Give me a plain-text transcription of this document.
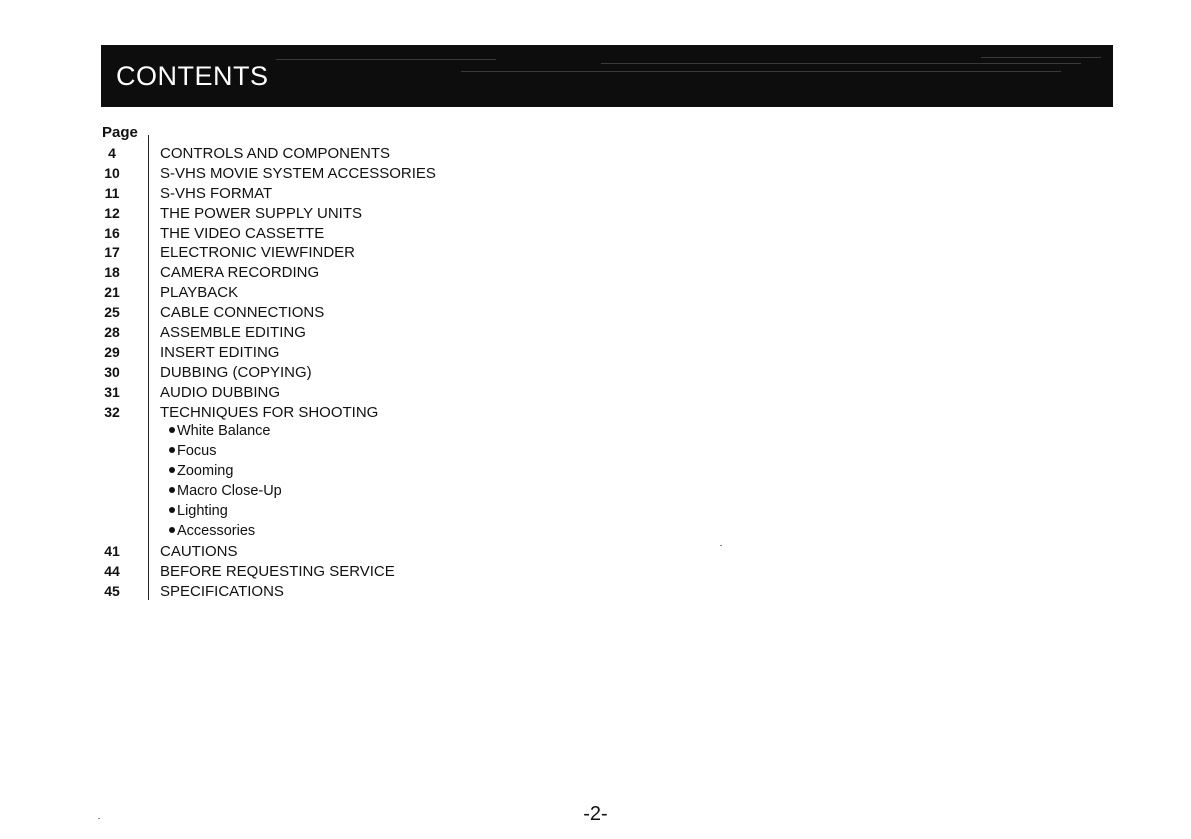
CONTENTS
Page
4	CONTROLS AND COMPONENTS
10	S-VHS MOVIE SYSTEM ACCESSORIES
11	S-VHS FORMAT
12	THE POWER SUPPLY UNITS
16	THE VIDEO CASSETTE
17	ELECTRONIC VIEWFINDER
18	CAMERA RECORDING
21	PLAYBACK
25	CABLE CONNECTIONS
28	ASSEMBLE EDITING
29	INSERT EDITING
30	DUBBING (COPYING)
31	AUDIO DUBBING
32	TECHNIQUES FOR SHOOTING
White Balance
Focus
Zooming
Macro Close-Up
Lighting
Accessories
41	CAUTIONS
44	BEFORE REQUESTING SERVICE
45	SPECIFICATIONS
-2-
